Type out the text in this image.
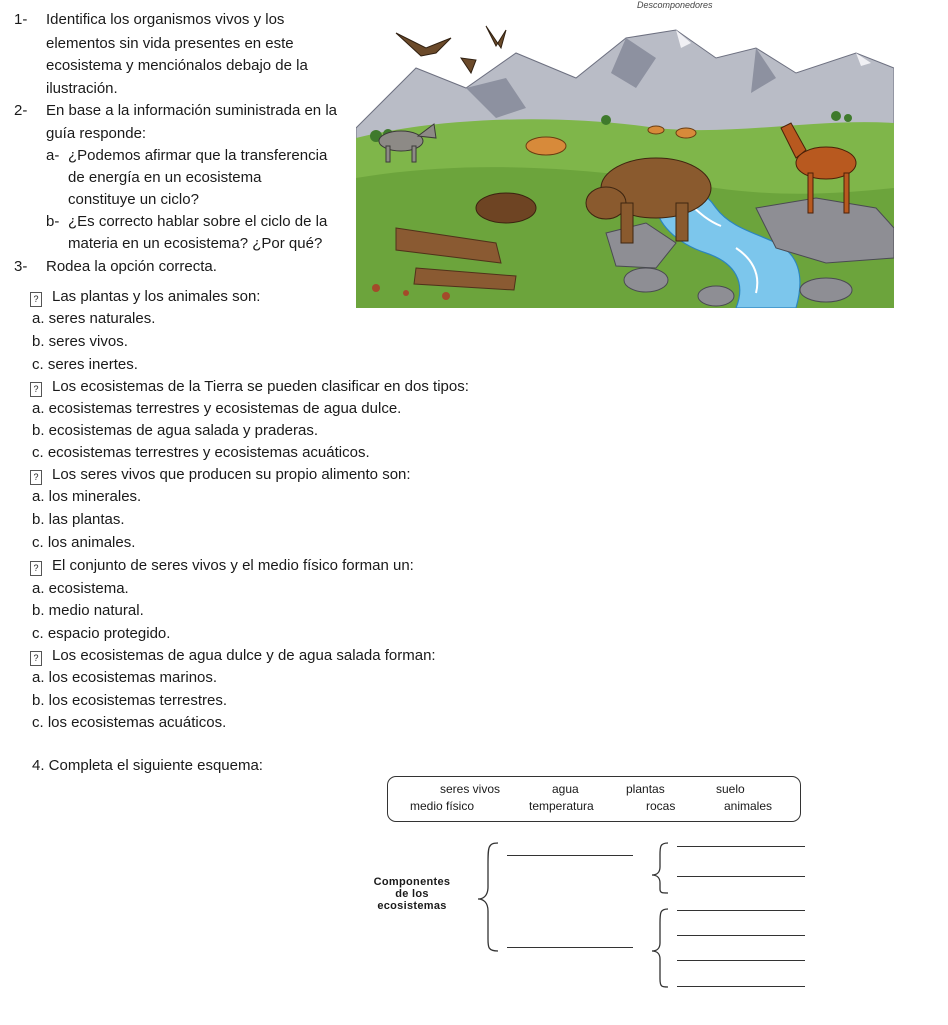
Descomponedores
1- Identifica los organismos vivos y los
elementos sin vida presentes en este
ecosistema y menciónalos debajo de la
ilustración.
2- En base a la información suministrada en la
guía responde:
a- ¿Podemos afirmar que la transferencia
de energía en un ecosistema
constituye un ciclo?
b- ¿Es correcto hablar sobre el ciclo de la
materia en un ecosistema? ¿Por qué?
3- Rodea la opción correcta.
? Las plantas y los animales son:
a. seres naturales.
b. seres vivos.
c. seres inertes.
? Los ecosistemas de la Tierra se pueden clasificar en dos tipos:
a. ecosistemas terrestres y ecosistemas de agua dulce.
b. ecosistemas de agua salada y praderas.
c. ecosistemas terrestres y ecosistemas acuáticos.
? Los seres vivos que producen su propio alimento son:
a. los minerales.
b. las plantas.
c. los animales.
? El conjunto de seres vivos y el medio físico forman un:
a. ecosistema.
b. medio natural.
c. espacio protegido.
? Los ecosistemas de agua dulce y de agua salada forman:
a. los ecosistemas marinos.
b. los ecosistemas terrestres.
c. los ecosistemas acuáticos.
4. Completa el siguiente esquema:
seres vivos	agua	plantas	suelo
medio físico	temperatura	rocas	animales
Componentes
de los
ecosistemas
